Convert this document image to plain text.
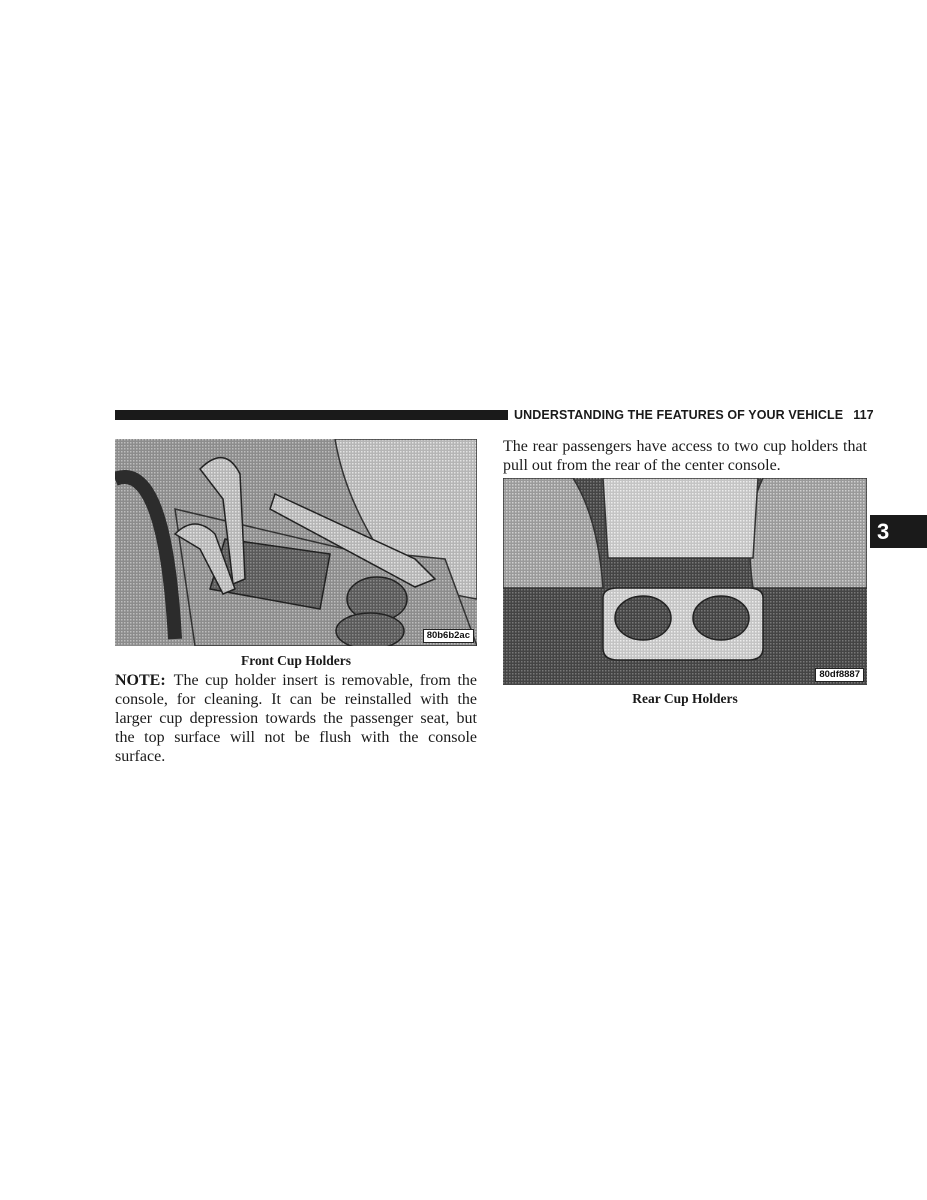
UNDERSTANDING THE FEATURES OF YOUR VEHICLE 117
3
80b6b2ac
Front Cup Holders
NOTE: The cup holder insert is removable, from the console, for cleaning. It can be reinstalled with the larger cup depression towards the passenger seat, but the top surface will not be flush with the console surface.
The rear passengers have access to two cup holders that pull out from the rear of the center console.
80df8887
Rear Cup Holders
